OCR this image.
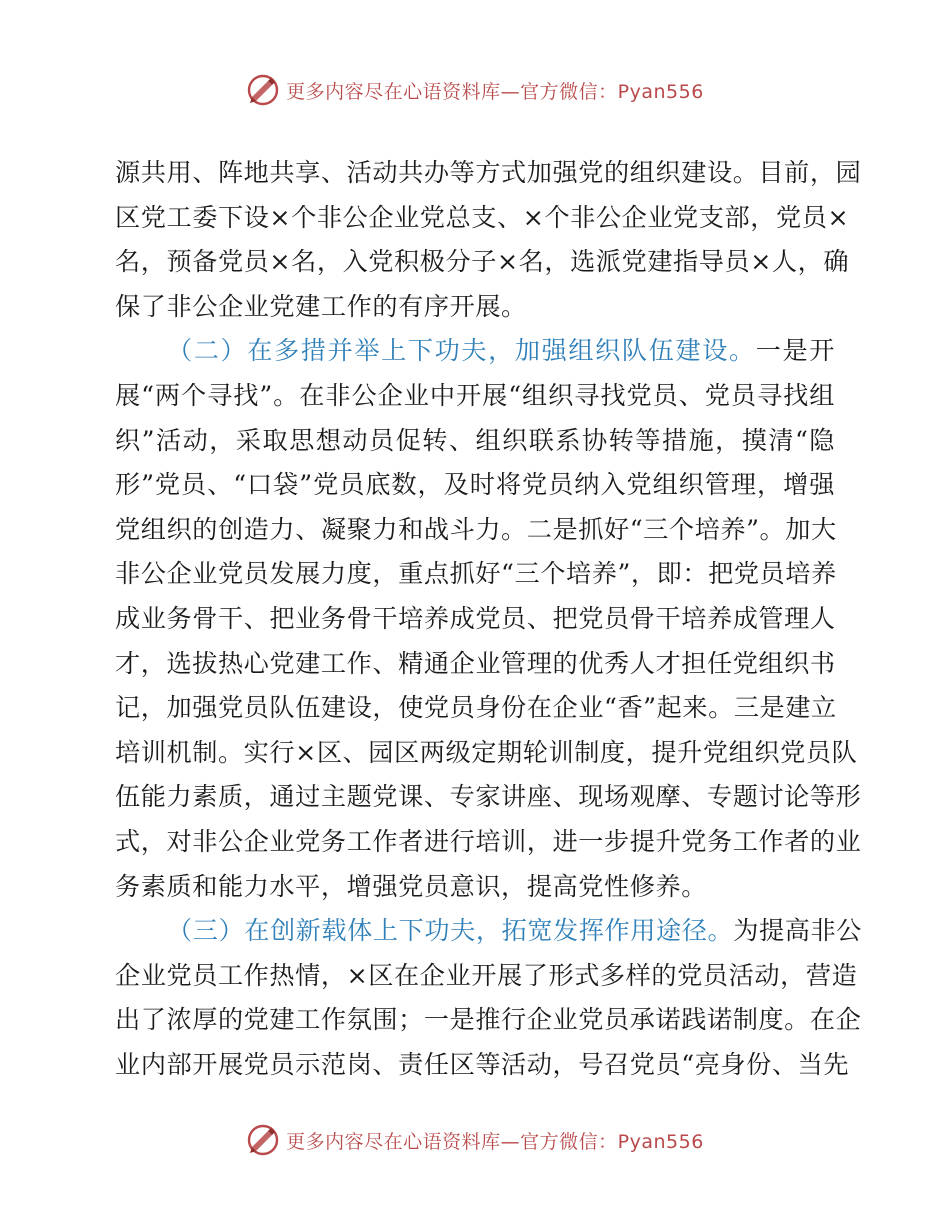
更多内容尽在心语资料库—官方微信：Pyan556
源共用、阵地共享、活动共办等方式加强党的组织建设。目前，园
区党工委下设×个非公企业党总支、×个非公企业党支部，党员×
名，预备党员×名，入党积极分子×名，选派党建指导员×人，确
保了非公企业党建工作的有序开展。
（二）在多措并举上下功夫，加强组织队伍建设。一是开
展“两个寻找”。在非公企业中开展“组织寻找党员、党员寻找组
织”活动，采取思想动员促转、组织联系协转等措施，摸清“隐
形”党员、“口袋”党员底数，及时将党员纳入党组织管理，增强
党组织的创造力、凝聚力和战斗力。二是抓好“三个培养”。加大
非公企业党员发展力度，重点抓好“三个培养”，即：把党员培养
成业务骨干、把业务骨干培养成党员、把党员骨干培养成管理人
才，选拔热心党建工作、精通企业管理的优秀人才担任党组织书
记，加强党员队伍建设，使党员身份在企业“香”起来。三是建立
培训机制。实行×区、园区两级定期轮训制度，提升党组织党员队
伍能力素质，通过主题党课、专家讲座、现场观摩、专题讨论等形
式，对非公企业党务工作者进行培训，进一步提升党务工作者的业
务素质和能力水平，增强党员意识，提高党性修养。
（三）在创新载体上下功夫，拓宽发挥作用途径。为提高非公
企业党员工作热情，×区在企业开展了形式多样的党员活动，营造
出了浓厚的党建工作氛围；一是推行企业党员承诺践诺制度。在企
业内部开展党员示范岗、责任区等活动，号召党员“亮身份、当先
更多内容尽在心语资料库—官方微信：Pyan556
